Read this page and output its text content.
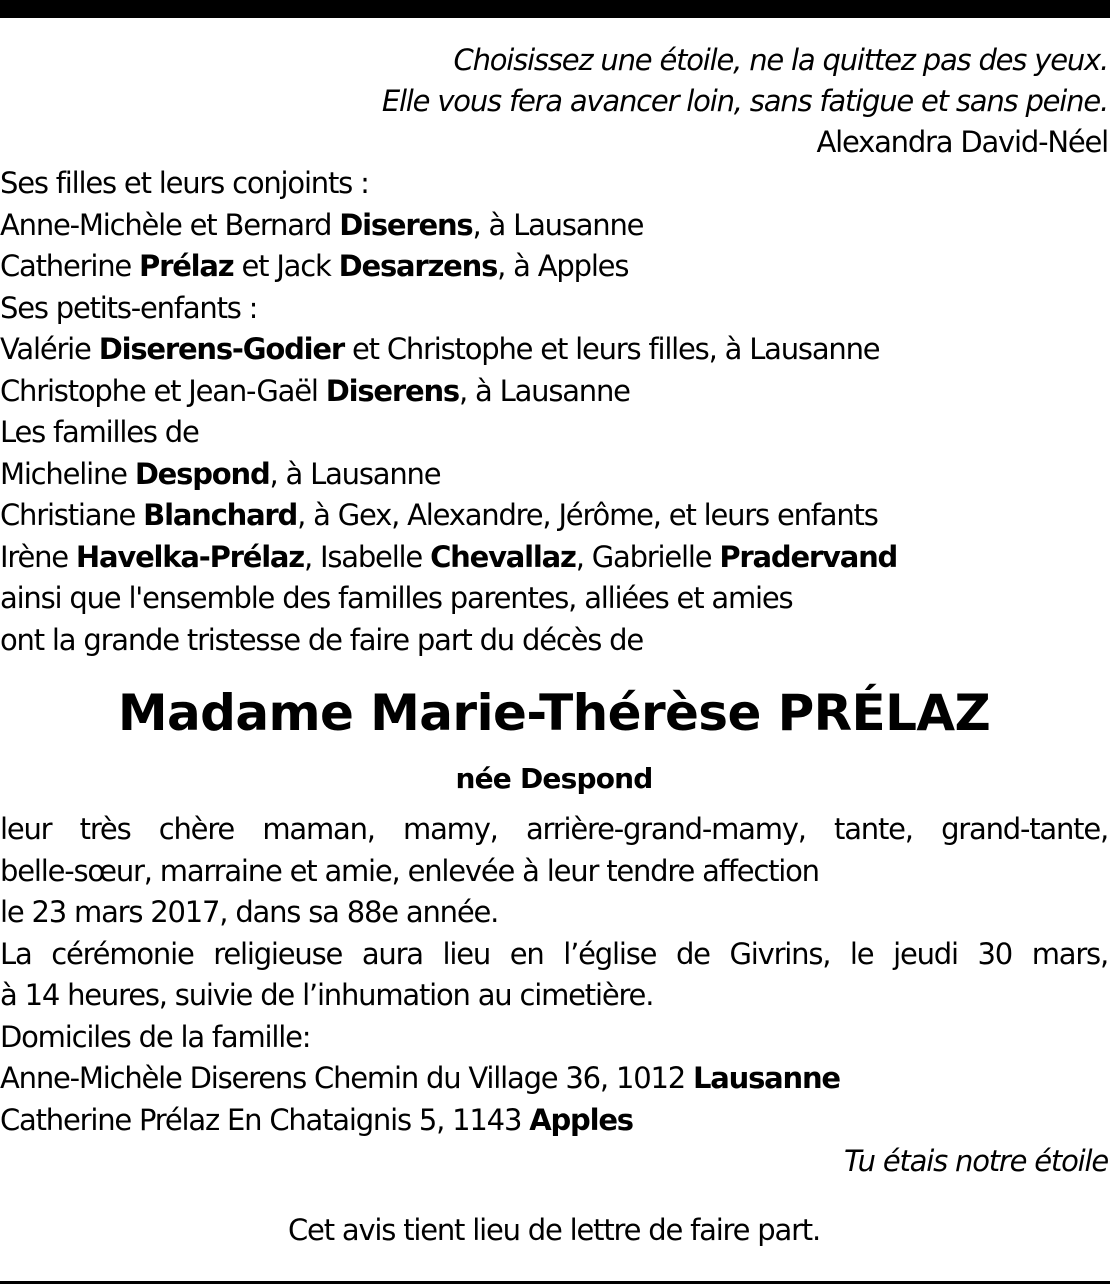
Choisissez une étoile, ne la quittez pas des yeux.
Elle vous fera avancer loin, sans fatigue et sans peine.
Alexandra David-Néel
Ses filles et leurs conjoints :
Anne-Michèle et Bernard Diserens, à Lausanne
Catherine Prélaz et Jack Desarzens, à Apples
Ses petits-enfants :
Valérie Diserens-Godier et Christophe et leurs filles, à Lausanne
Christophe et Jean-Gaël Diserens, à Lausanne
Les familles de
Micheline Despond, à Lausanne
Christiane Blanchard, à Gex, Alexandre, Jérôme, et leurs enfants
Irène Havelka-Prélaz, Isabelle Chevallaz, Gabrielle Pradervand
ainsi que l'ensemble des familles parentes, alliées et amies
ont la grande tristesse de faire part du décès de
Madame Marie-Thérèse PRÉLAZ
née Despond
leur très chère maman, mamy, arrière-grand-mamy, tante, grand-tante,
belle-sœur, marraine et amie, enlevée à leur tendre affection
le 23 mars 2017, dans sa 88e année.
La cérémonie religieuse aura lieu en l’église de Givrins, le jeudi 30 mars,
à 14 heures, suivie de l’inhumation au cimetière.
Domiciles de la famille:
Anne-Michèle Diserens Chemin du Village 36, 1012 Lausanne
Catherine Prélaz En Chataignis 5, 1143 Apples
Tu étais notre étoile
Cet avis tient lieu de lettre de faire part.
